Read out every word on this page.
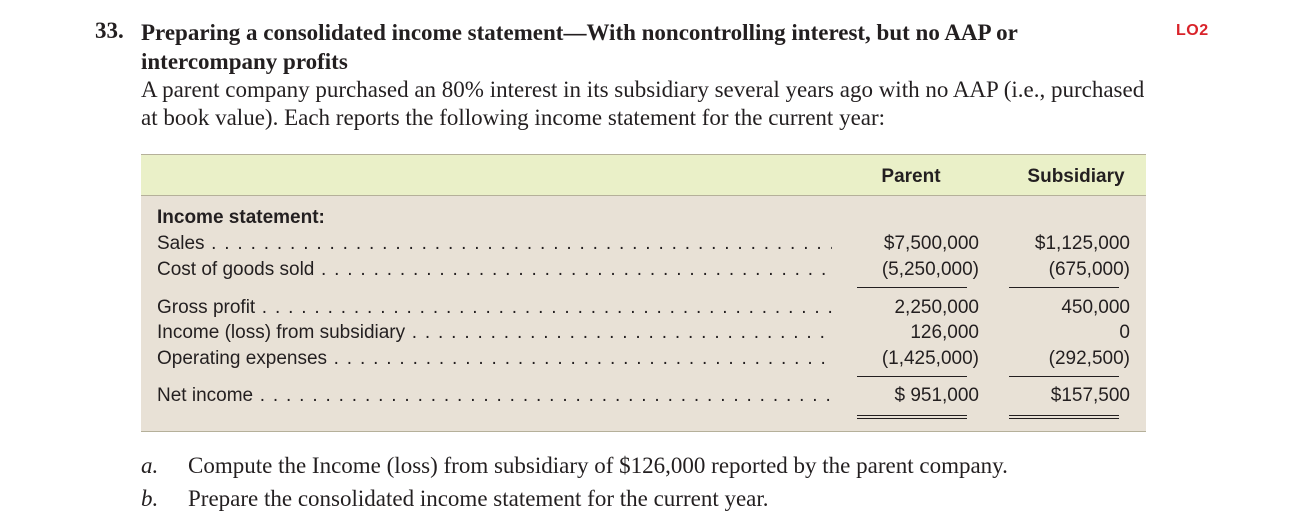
LO2
33. Preparing a consolidated income statement—With noncontrolling interest, but no AAP or intercompany profits
A parent company purchased an 80% interest in its subsidiary several years ago with no AAP (i.e., purchased at book value). Each reports the following income statement for the current year:
Parent	Subsidiary
Income statement:
Sales . . .	$7,500,000	$1,125,000
Cost of goods sold . . .	(5,250,000)	(675,000)
Gross profit . . .	2,250,000	450,000
Income (loss) from subsidiary . . .	126,000	0
Operating expenses . . .	(1,425,000)	(292,500)
Net income . . .	$ 951,000	$157,500
a. Compute the Income (loss) from subsidiary of $126,000 reported by the parent company.
b. Prepare the consolidated income statement for the current year.
